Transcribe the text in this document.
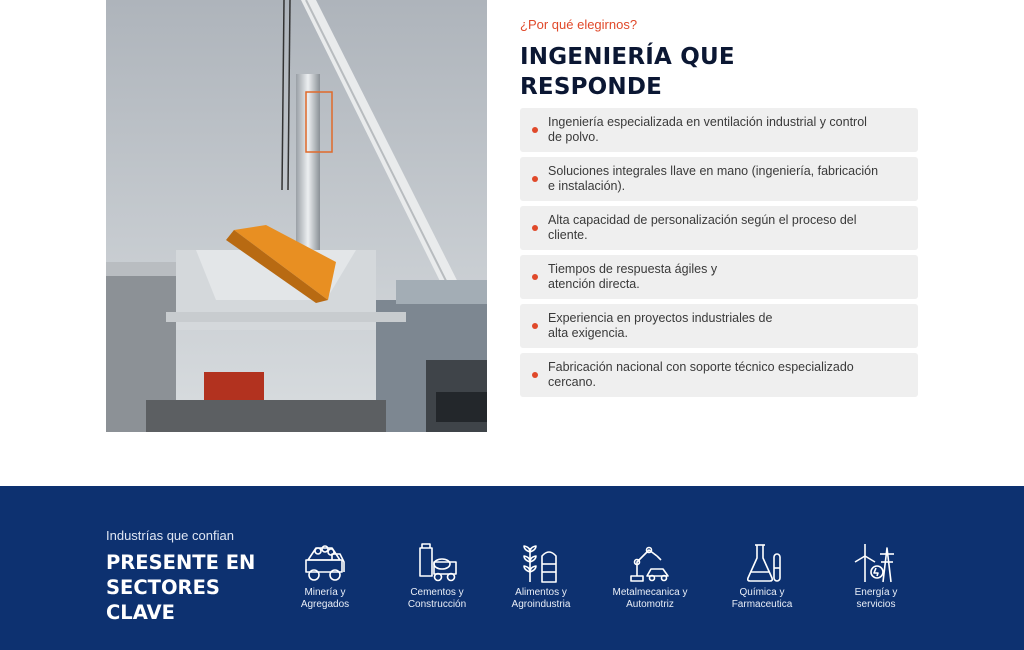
¿Por qué elegirnos?
INGENIERÍA QUE
RESPONDE
Ingeniería especializada en ventilación industrial y control
de polvo.
Soluciones integrales llave en mano (ingeniería, fabricación
e instalación).
Alta capacidad de personalización según el proceso del
cliente.
Tiempos de respuesta ágiles y
atención directa.
Experiencia en proyectos industriales de
alta exigencia.
Fabricación nacional con soporte técnico especializado
cercano.
Industrías que confian
PRESENTE EN
SECTORES
CLAVE
Minería y
Agregados
Cementos y
Construcción
Alimentos y
Agroindustria
Metalmecanica y
Automotriz
Química y
Farmaceutica
Energía y
servicios
